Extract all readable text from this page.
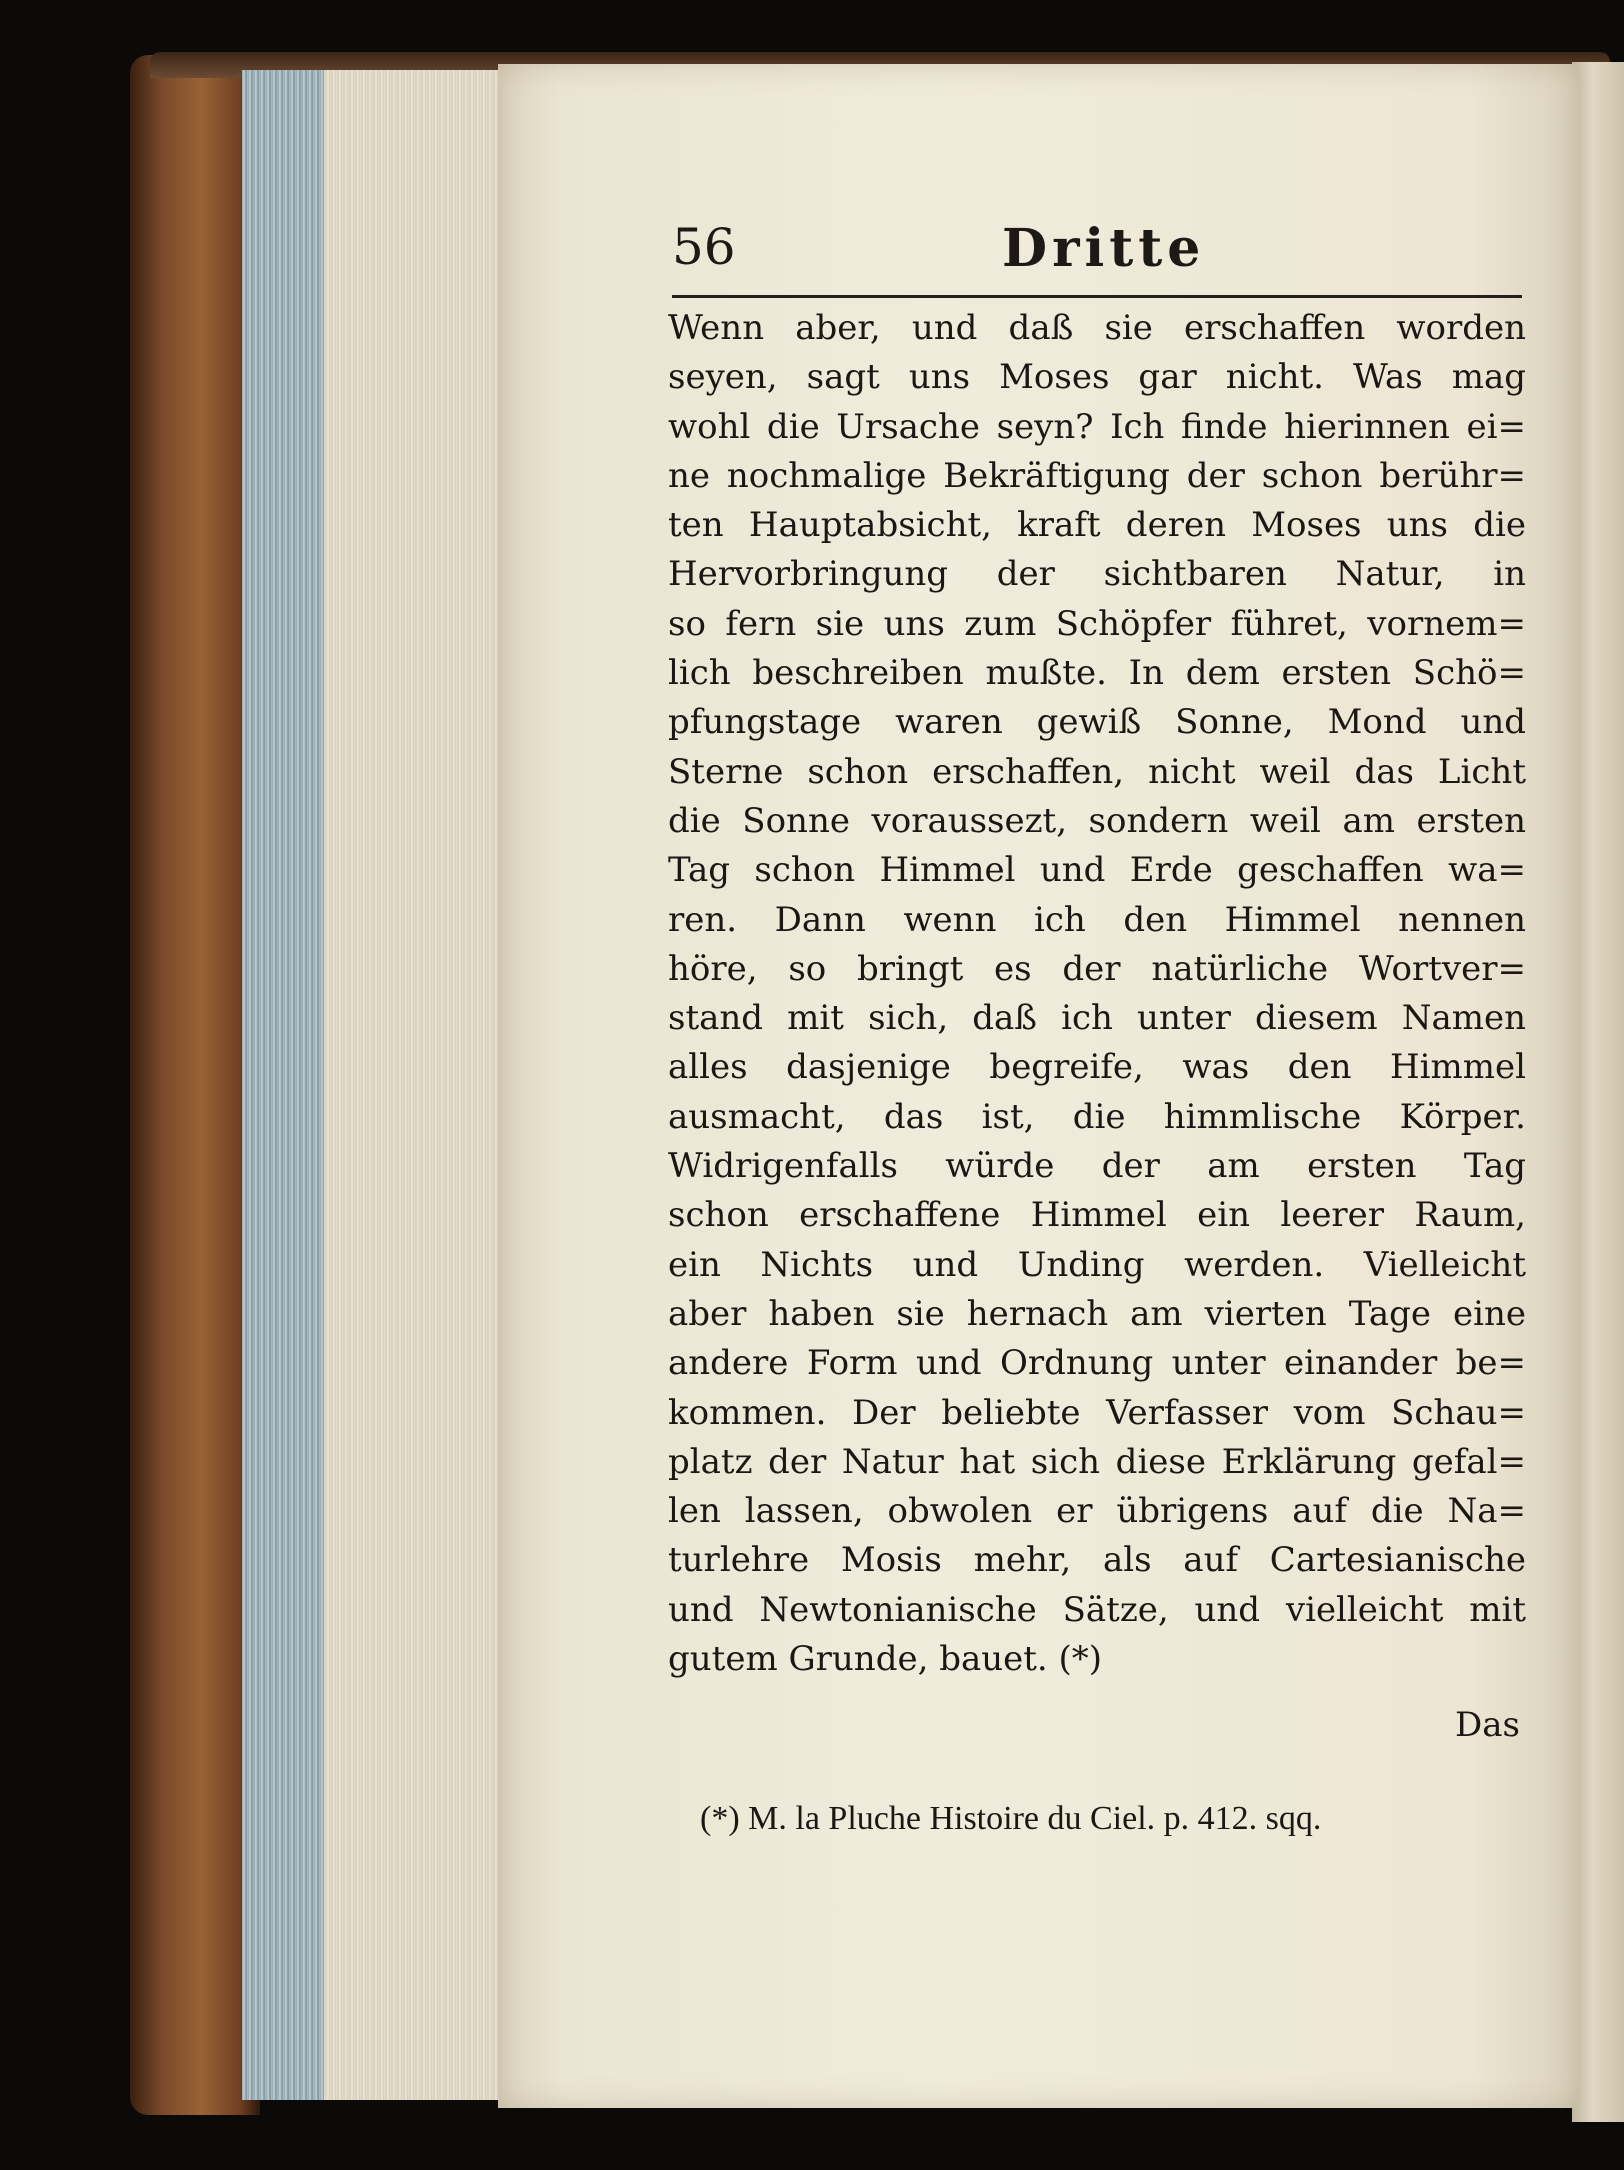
56	Dritte
Wenn aber, und daß sie erschaffen worden
seyen, sagt uns Moses gar nicht. Was mag
wohl die Ursache seyn? Ich finde hierinnen ei=
ne nochmalige Bekräftigung der schon berühr=
ten Hauptabsicht, kraft deren Moses uns die
Hervorbringung der sichtbaren Natur, in
so fern sie uns zum Schöpfer führet, vornem=
lich beschreiben mußte. In dem ersten Schö=
pfungstage waren gewiß Sonne, Mond und
Sterne schon erschaffen, nicht weil das Licht
die Sonne voraussezt, sondern weil am ersten
Tag schon Himmel und Erde geschaffen wa=
ren. Dann wenn ich den Himmel nennen
höre, so bringt es der natürliche Wortver=
stand mit sich, daß ich unter diesem Namen
alles dasjenige begreife, was den Himmel
ausmacht, das ist, die himmlische Körper.
Widrigenfalls würde der am ersten Tag
schon erschaffene Himmel ein leerer Raum,
ein Nichts und Unding werden. Vielleicht
aber haben sie hernach am vierten Tage eine
andere Form und Ordnung unter einander be=
kommen. Der beliebte Verfasser vom Schau=
platz der Natur hat sich diese Erklärung gefal=
len lassen, obwolen er übrigens auf die Na=
turlehre Mosis mehr, als auf Cartesianische
und Newtonianische Sätze, und vielleicht mit
gutem Grunde, bauet. (*)
Das
(*) M. la Pluche Histoire du Ciel. p. 412. sqq.
